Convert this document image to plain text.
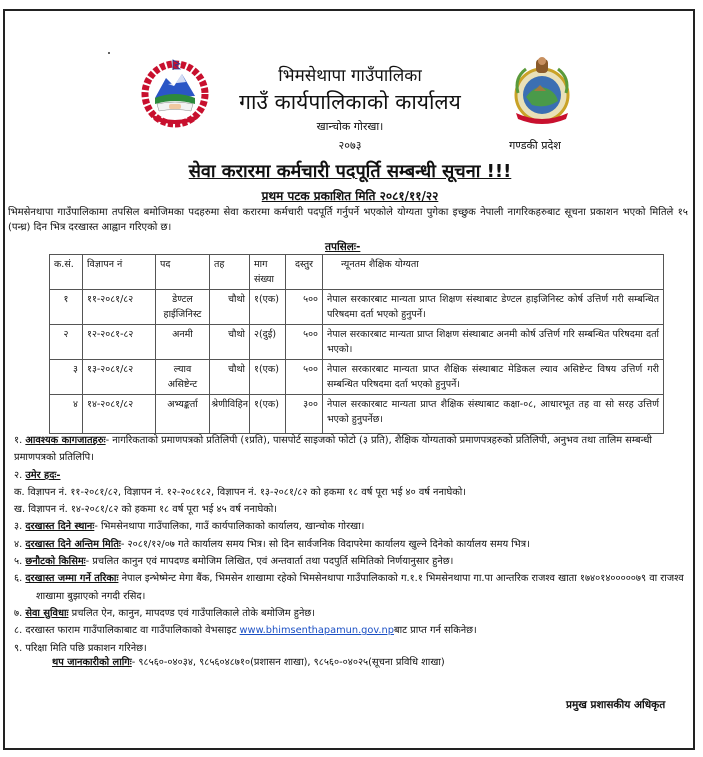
भिमसेथापा गाउँपालिका
गाउँ कार्यपालिकाको कार्यालय
खान्चोक गोरखा।
२०७३	गण्डकी प्रदेश
सेवा करारमा कर्मचारी पदपूर्ति सम्बन्धी सूचना !!!
प्रथम पटक प्रकाशित मिति २०८१/११/२२
भिमसेनथापा गाउँपालिकामा तपसिल बमोजिमका पदहरुमा सेवा करारमा कर्मचारी पदपूर्ति गर्नुपर्ने भएकोले योग्यता पुगेका इच्छुक नेपाली नागरिकहरुबाट सूचना प्रकाशन भएको मितिले १५ (पन्ध्र) दिन भित्र दरखास्त आह्वान गरिएको छ।
तपसिलः-
क.सं.	विज्ञापन नं	पद	तह	माग संख्या	दस्तुर	न्यूनतम शैक्षिक योग्यता
१	११-२०८१/८२	डेण्टल हाईजिनिस्ट	चौथो	१(एक)	५००	नेपाल सरकारबाट मान्यता प्राप्त शिक्षण संस्थाबाट डेण्टल हाइजिनिस्ट कोर्ष उत्तिर्ण गरी सम्बन्धित परिषदमा दर्ता भएको हुनुपर्ने।
२	१२-२०८१-८२	अनमी	चौथो	२(दुई)	५००	नेपाल सरकारबाट मान्यता प्राप्त शिक्षण संस्थाबाट अनमी कोर्ष उत्तिर्ण गरि सम्बन्धित परिषदमा दर्ता भएको।
३	१३-२०८१/८२	ल्याव असिष्टेन्ट	चौथो	१(एक)	५००	नेपाल सरकारबाट मान्यता प्राप्त शैक्षिक संस्थाबाट मेडिकल ल्याव असिष्टेन्ट विषय उत्तिर्ण गरी सम्बन्धित परिषदमा दर्ता भएको हुनुपर्ने।
४	१४-२०८१/८२	अभ्यङ्कर्ता	श्रेणीविहिन	१(एक)	३००	नेपाल सरकारबाट मान्यता प्राप्त शैक्षिक संस्थाबाट कक्षा-०८, आधारभूत तह वा सो सरह उत्तिर्ण भएको हुनुपर्नेछ।

१. आवश्यक कागजातहरुः- नागरिकताको प्रमाणपत्रको प्रतिलिपी (१प्रति), पासपोर्ट साइजको फोटो (३ प्रति), शैक्षिक योग्यताको प्रमाणपत्रहरुको प्रतिलिपी, अनुभव तथा तालिम सम्बन्धी प्रमाणपत्रको प्रतिलिपि।

२. उमेर हदः-

क. विज्ञापन नं. ११-२०८१/८२, विज्ञापन नं. १२-२०८१८२, विज्ञापन नं. १३-२०८१/८२ को हकमा १८ वर्ष पूरा भई ४० वर्ष ननाघेको।

ख. विज्ञापन नं. १४-२०८१/८२ को हकमा १८ वर्ष पूरा भई ४५ वर्ष ननाघेको।

३. दरखास्त दिने स्थानः- भिमसेनथापा गाउँपालिका, गाउँ कार्यपालिकाको कार्यालय, खान्चोक गोरखा।

४. दरखास्त दिने अन्तिम मितिः- २०८१/१२/०७ गते कार्यालय समय भित्र। सो दिन सार्वजनिक विदापरेमा कार्यालय खुल्ने दिनेको कार्यालय समय भित्र।

५. छनौटको किसिमः- प्रचलित कानुन एवं मापदण्ड बमोजिम लिखित, एवं अन्तवार्ता तथा पदपुर्ति समितिको निर्णयानुसार हुनेछ।

६. दरखास्त जम्मा गर्ने तरिकाः नेपाल इन्भेष्मेन्ट मेगा बैंक, भिमसेन शाखामा रहेको भिमसेनथापा गाउँपालिकाको ग.१.१ भिमसेनथापा गा.पा आन्तरिक राजश्व खाता १७४०१४०००००७९ वा राजश्व शाखामा बुझाएको नगदी रसिद।

७. सेवा सुविधाः प्रचलित ऐन, कानुन, मापदण्ड एवं गाउँपालिकाले तोके बमोजिम हुनेछ।

८. दरखास्त फाराम गाउँपालिकाबाट वा गाउँपालिकाको वेभसाइट www.bhimsenthapamun.gov.npबाट प्राप्त गर्न सकिनेछ।

९. परिक्षा मिति पछि प्रकाशन गरिनेछ।

थप जानकारीको लागिः- ९८५६०-०४०३४, ९८५६०४८७१०(प्रशासन शाखा), ९८५६०-०४०२५(सूचना प्रविधि शाखा)
प्रमुख प्रशासकीय अधिकृत
